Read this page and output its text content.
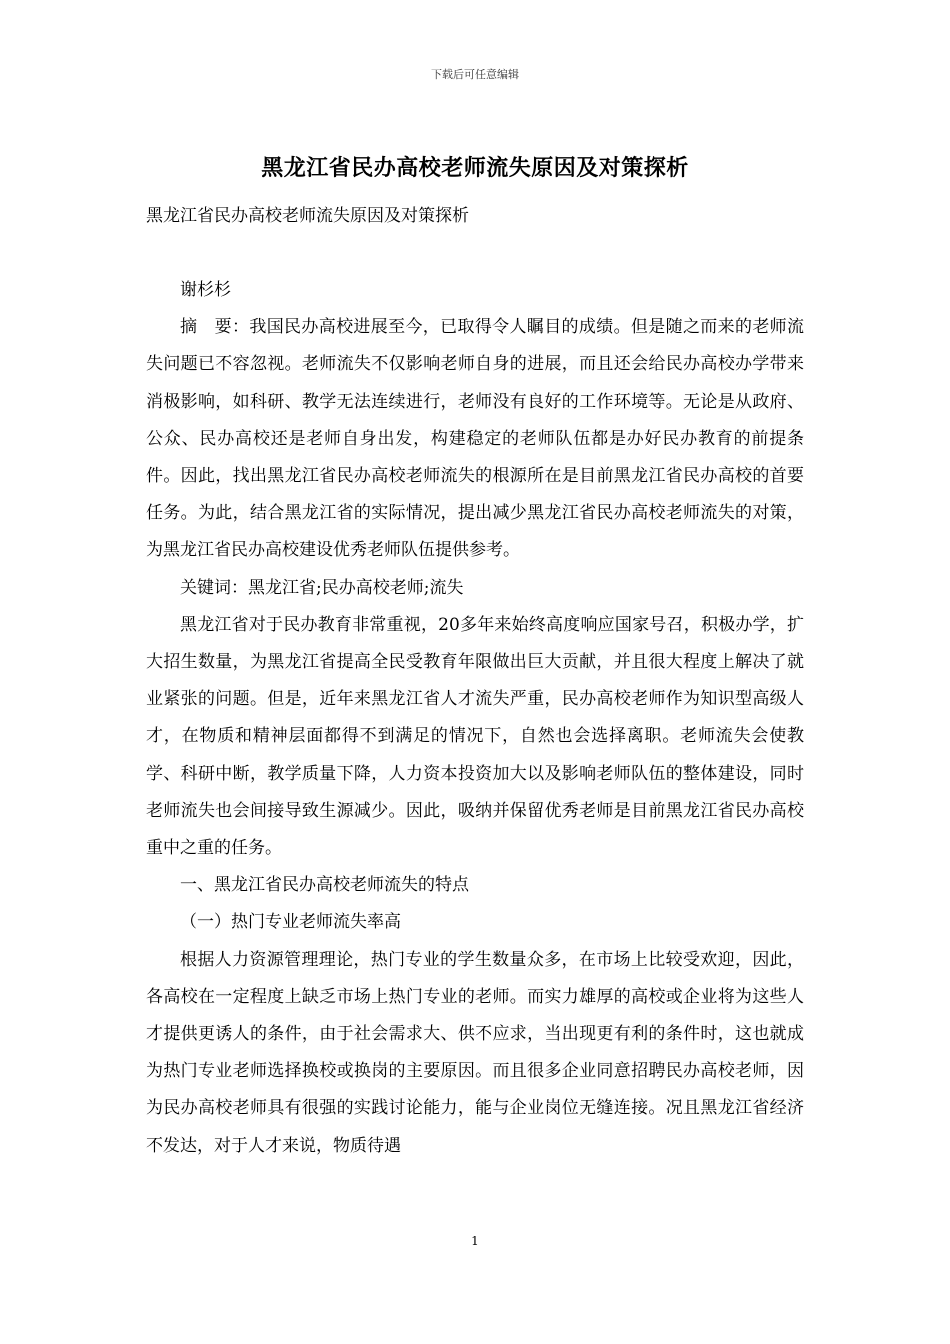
下载后可任意编辑
黑龙江省民办高校老师流失原因及对策探析
黑龙江省民办高校老师流失原因及对策探析

谢杉杉

摘　要：我国民办高校进展至今，已取得令人瞩目的成绩。但是随之而来的老师流失问题已不容忽视。老师流失不仅影响老师自身的进展，而且还会给民办高校办学带来消极影响，如科研、教学无法连续进行，老师没有良好的工作环境等。无论是从政府、公众、民办高校还是老师自身出发，构建稳定的老师队伍都是办好民办教育的前提条件。因此，找出黑龙江省民办高校老师流失的根源所在是目前黑龙江省民办高校的首要任务。为此，结合黑龙江省的实际情况，提出减少黑龙江省民办高校老师流失的对策，为黑龙江省民办高校建设优秀老师队伍提供参考。

关键词：黑龙江省;民办高校老师;流失

黑龙江省对于民办教育非常重视，20多年来始终高度响应国家号召，积极办学，扩大招生数量，为黑龙江省提高全民受教育年限做出巨大贡献，并且很大程度上解决了就业紧张的问题。但是，近年来黑龙江省人才流失严重，民办高校老师作为知识型高级人才，在物质和精神层面都得不到满足的情况下，自然也会选择离职。老师流失会使教学、科研中断，教学质量下降，人力资本投资加大以及影响老师队伍的整体建设，同时老师流失也会间接导致生源减少。因此，吸纳并保留优秀老师是目前黑龙江省民办高校重中之重的任务。

一、黑龙江省民办高校老师流失的特点

（一）热门专业老师流失率高

根据人力资源管理理论，热门专业的学生数量众多，在市场上比较受欢迎，因此，各高校在一定程度上缺乏市场上热门专业的老师。而实力雄厚的高校或企业将为这些人才提供更诱人的条件，由于社会需求大、供不应求，当出现更有利的条件时，这也就成为热门专业老师选择换校或换岗的主要原因。而且很多企业同意招聘民办高校老师，因为民办高校老师具有很强的实践讨论能力，能与企业岗位无缝连接。况且黑龙江省经济不发达，对于人才来说，物质待遇

1
